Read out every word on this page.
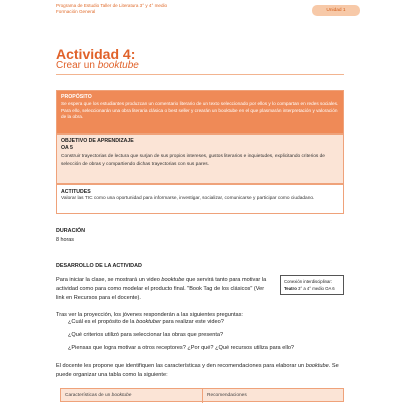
Programa de Estudio Taller de Literatura 3° y 4° medio
Formación General	Unidad 1
Actividad 4:
Crear un booktube
PROPÓSITO
Se espera que los estudiantes produzcan un comentario literario de un texto seleccionado por ellos y lo compartan en redes sociales. Para ello, seleccionarán una obra literaria clásica o best seller y crearán un booktube en el que plasmarán interpretación y valoración de la obra.
OBJETIVO DE APRENDIZAJE
OA 5
Construir trayectorias de lectura que surjan de sus propios intereses, gustos literarios e inquietudes, explicitando criterios de selección de obras y compartiendo dichas trayectorias con sus pares.
ACTITUDES
Valorar las TIC como una oportunidad para informarse, investigar, socializar, comunicarse y participar como ciudadano.
DURACIÓN
8 horas
DESARROLLO DE LA ACTIVIDAD
Para iniciar la clase, se mostrará un video booktube que servirá tanto para motivar la actividad como para como modelar el producto final. "Book Tag de los clásicos" (Ver link en Recursos para el docente).
Conexión interdisciplinar:
Teatro 3° a 4° medio OA 6
Tras ver la proyección, los jóvenes responderán a las siguientes preguntas:
¿Cuál es el propósito de la booktuber para realizar este video?
¿Qué criterios utilizó para seleccionar las obras que presenta?
¿Piensas que logra motivar a otros receptores? ¿Por qué? ¿Qué recursos utiliza para ello?
El docente les propone que identifiquen las características y den recomendaciones para elaborar un booktube. Se puede organizar una tabla como la siguiente:
Características de un booktube	Recomendaciones
